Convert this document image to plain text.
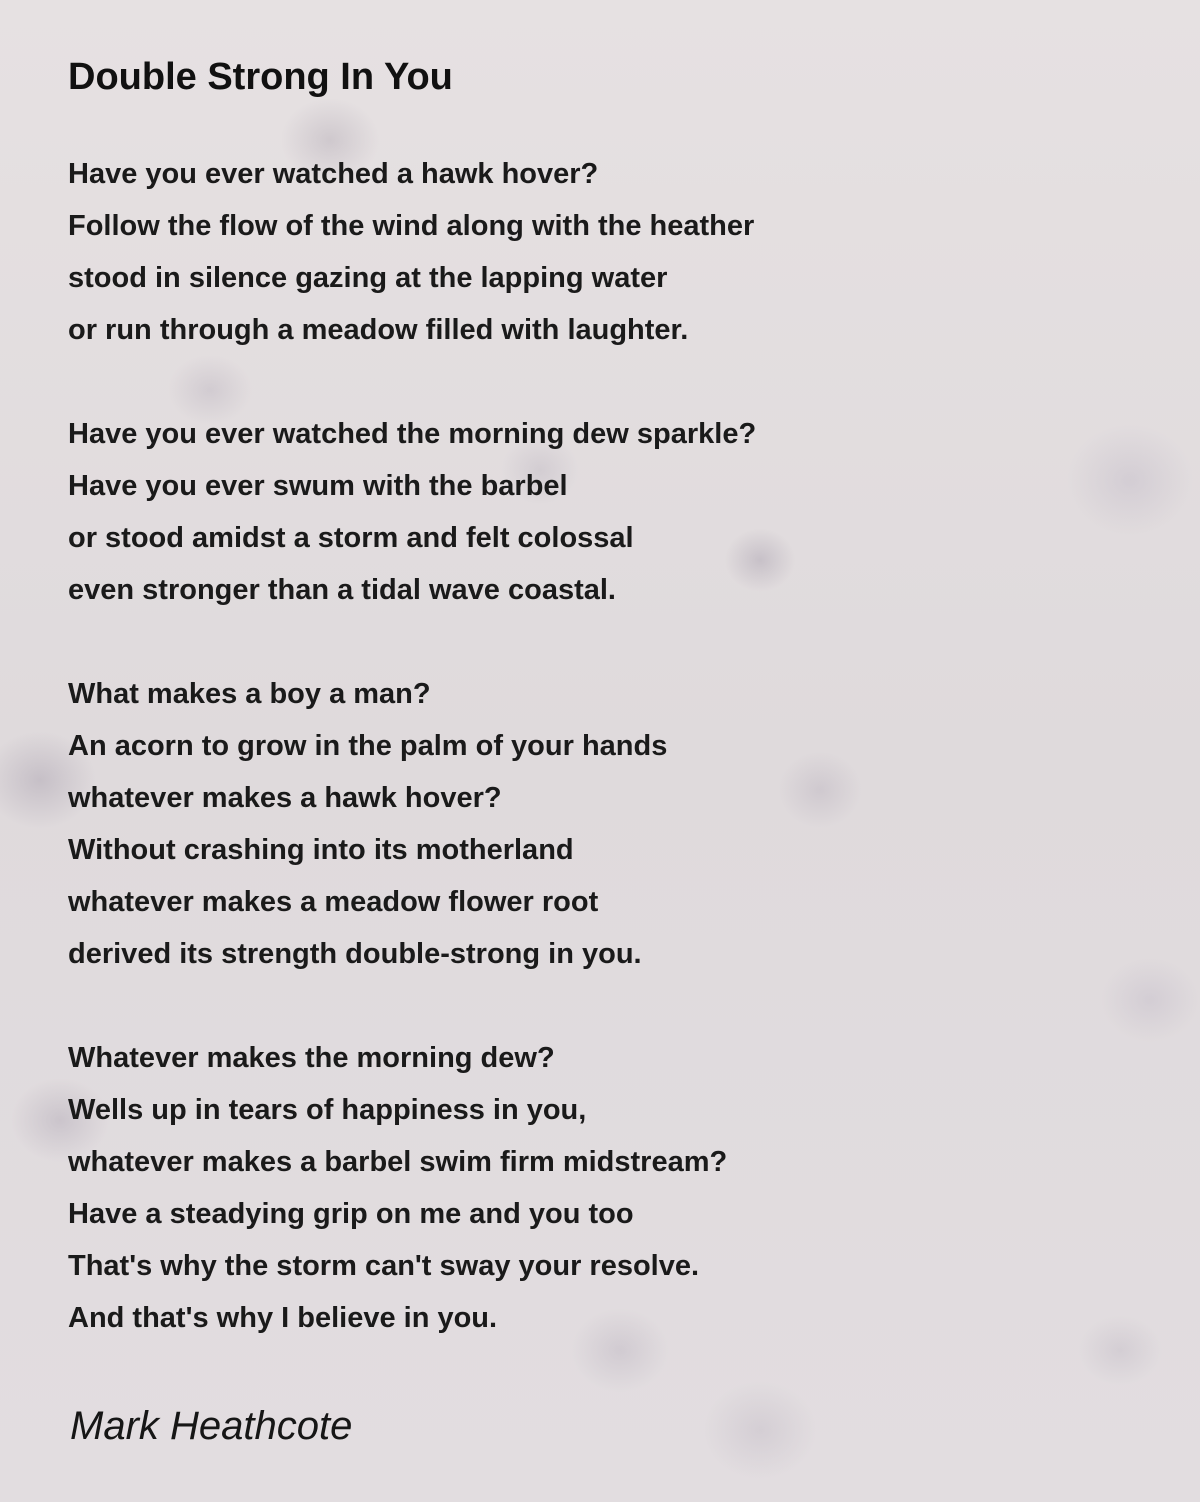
Double Strong In You
Have you ever watched a hawk hover?
Follow the flow of the wind along with the heather
stood in silence gazing at the lapping water
or run through a meadow filled with laughter.
Have you ever watched the morning dew sparkle?
Have you ever swum with the barbel
or stood amidst a storm and felt colossal
even stronger than a tidal wave coastal.
What makes a boy a man?
An acorn to grow in the palm of your hands
whatever makes a hawk hover?
Without crashing into its motherland
whatever makes a meadow flower root
derived its strength double-strong in you.
Whatever makes the morning dew?
Wells up in tears of happiness in you,
whatever makes a barbel swim firm midstream?
Have a steadying grip on me and you too
That's why the storm can't sway your resolve.
And that's why I believe in you.
Mark Heathcote
